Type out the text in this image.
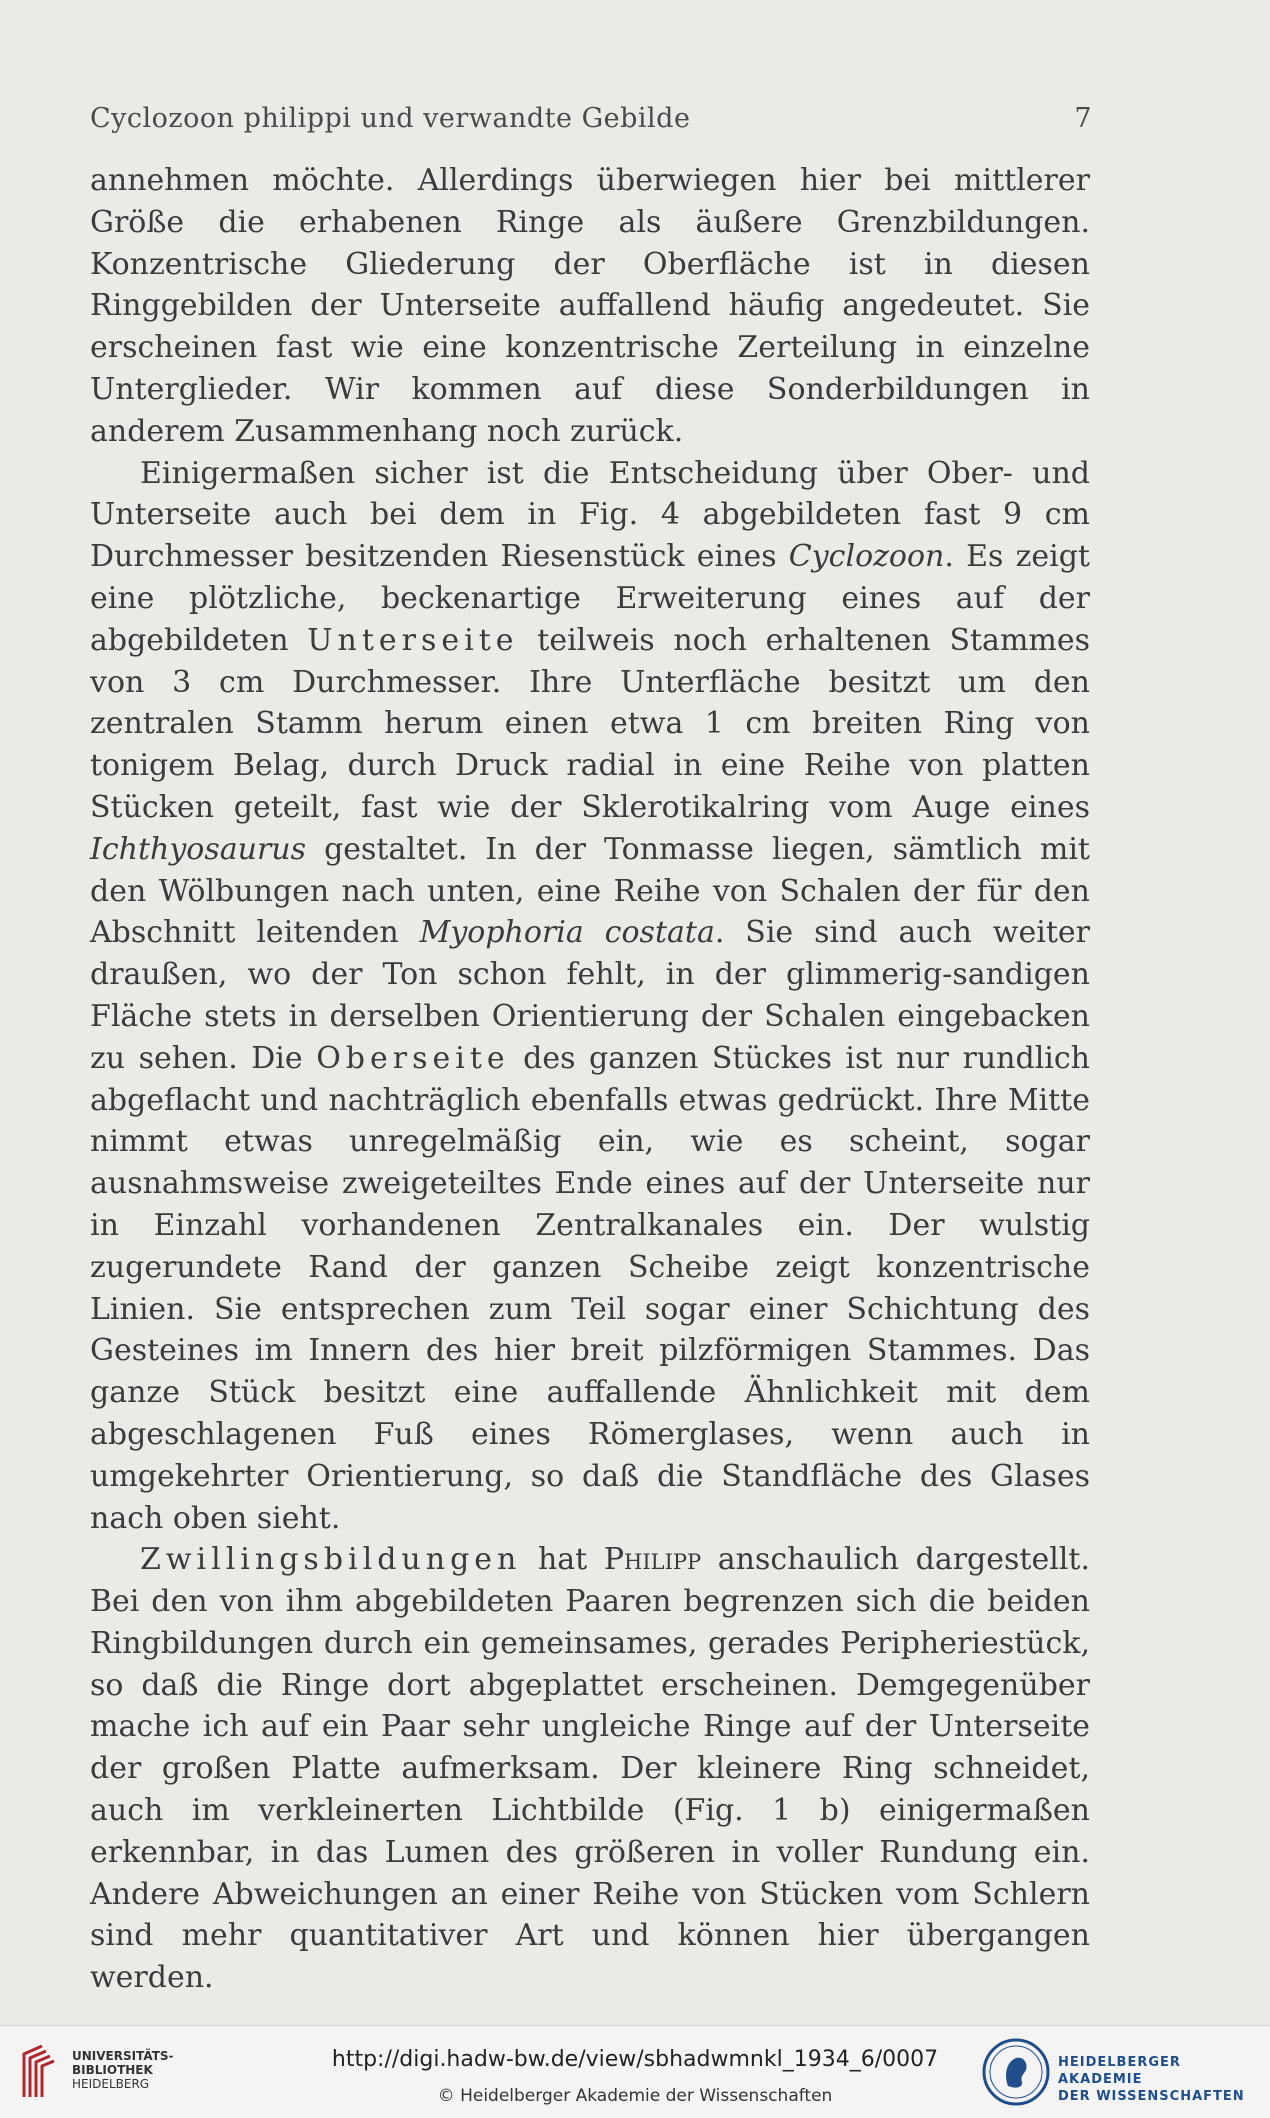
Cyclozoon philippi und verwandte Gebilde	7

annehmen möchte. Allerdings überwiegen hier bei mittlerer Größe die erhabenen Ringe als äußere Grenzbildungen. Konzentrische Gliederung der Oberfläche ist in diesen Ringgebilden der Unterseite auffallend häufig angedeutet. Sie erscheinen fast wie eine konzentrische Zerteilung in einzelne Unterglieder. Wir kommen auf diese Sonderbildungen in anderem Zusammenhang noch zurück.

Einigermaßen sicher ist die Entscheidung über Ober- und Unterseite auch bei dem in Fig. 4 abgebildeten fast 9 cm Durchmesser besitzenden Riesenstück eines Cyclozoon. Es zeigt eine plötzliche, beckenartige Erweiterung eines auf der abgebildeten Unterseite teilweis noch erhaltenen Stammes von 3 cm Durchmesser. Ihre Unterfläche besitzt um den zentralen Stamm herum einen etwa 1 cm breiten Ring von tonigem Belag, durch Druck radial in eine Reihe von platten Stücken geteilt, fast wie der Sklerotikalring vom Auge eines Ichthyosaurus gestaltet. In der Tonmasse liegen, sämtlich mit den Wölbungen nach unten, eine Reihe von Schalen der für den Abschnitt leitenden Myophoria costata. Sie sind auch weiter draußen, wo der Ton schon fehlt, in der glimmerig-sandigen Fläche stets in derselben Orientierung der Schalen eingebacken zu sehen. Die Oberseite des ganzen Stückes ist nur rundlich abgeflacht und nachträglich ebenfalls etwas gedrückt. Ihre Mitte nimmt etwas unregelmäßig ein, wie es scheint, sogar ausnahmsweise zweigeteiltes Ende eines auf der Unterseite nur in Einzahl vorhandenen Zentralkanales ein. Der wulstig zugerundete Rand der ganzen Scheibe zeigt konzentrische Linien. Sie entsprechen zum Teil sogar einer Schichtung des Gesteines im Innern des hier breit pilzförmigen Stammes. Das ganze Stück besitzt eine auffallende Ähnlichkeit mit dem abgeschlagenen Fuß eines Römerglases, wenn auch in umgekehrter Orientierung, so daß die Standfläche des Glases nach oben sieht.

Zwillingsbildungen hat Philipp anschaulich dargestellt. Bei den von ihm abgebildeten Paaren begrenzen sich die beiden Ringbildungen durch ein gemeinsames, gerades Peripheriestück, so daß die Ringe dort abgeplattet erscheinen. Demgegenüber mache ich auf ein Paar sehr ungleiche Ringe auf der Unterseite der großen Platte aufmerksam. Der kleinere Ring schneidet, auch im verkleinerten Lichtbilde (Fig. 1 b) einigermaßen erkennbar, in das Lumen des größeren in voller Rundung ein. Andere Abweichungen an einer Reihe von Stücken vom Schlern sind mehr quantitativer Art und können hier übergangen werden.

UNIVERSITÄTS-
BIBLIOTHEK
HEIDELBERG
http://digi.hadw-bw.de/view/sbhadwmnkl_1934_6/0007
© Heidelberger Akademie der Wissenschaften
HEIDELBERGER AKADEMIE
DER WISSENSCHAFTEN
